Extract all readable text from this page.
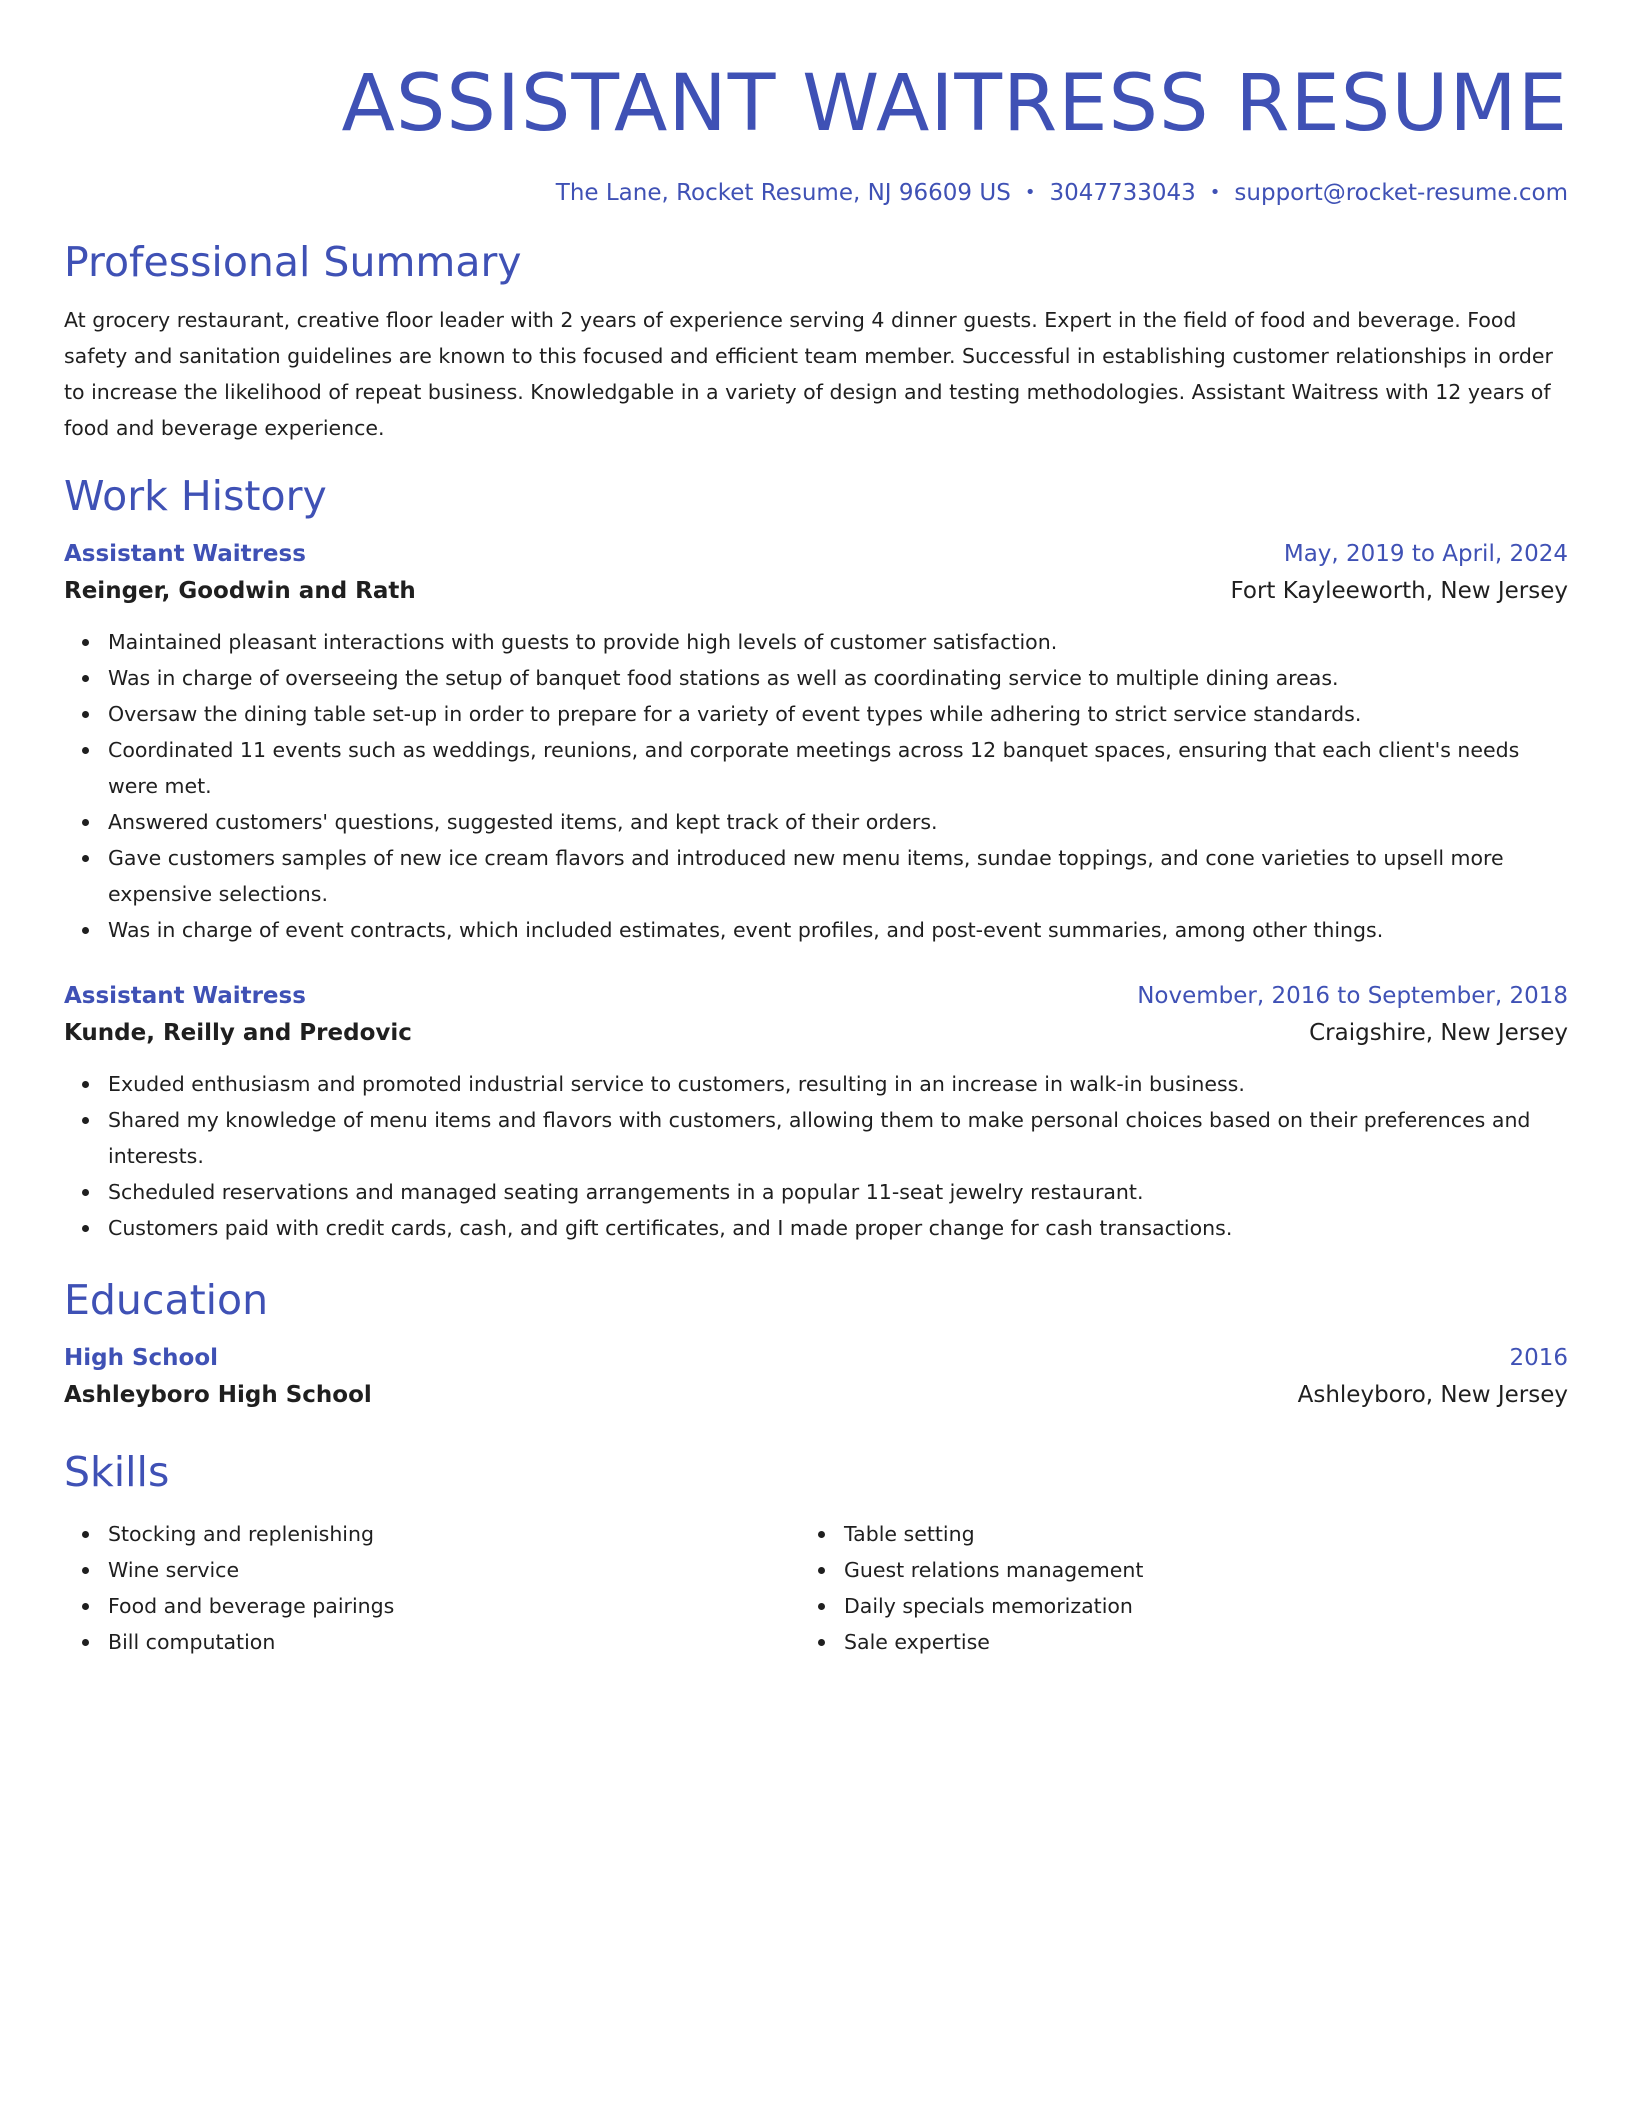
ASSISTANT WAITRESS RESUME
The Lane, Rocket Resume, NJ 96609 US • 3047733043 • support@rocket-resume.com
Professional Summary

At grocery restaurant, creative floor leader with 2 years of experience serving 4 dinner guests. Expert in the field of food and beverage. Food safety and sanitation guidelines are known to this focused and efficient team member. Successful in establishing customer relationships in order to increase the likelihood of repeat business. Knowledgable in a variety of design and testing methodologies. Assistant Waitress with 12 years of food and beverage experience.

Work History
Assistant Waitress	May, 2019 to April, 2024
Reinger, Goodwin and Rath	Fort Kayleeworth, New Jersey
Maintained pleasant interactions with guests to provide high levels of customer satisfaction.
Was in charge of overseeing the setup of banquet food stations as well as coordinating service to multiple dining areas.
Oversaw the dining table set-up in order to prepare for a variety of event types while adhering to strict service standards.
Coordinated 11 events such as weddings, reunions, and corporate meetings across 12 banquet spaces, ensuring that each client's needs were met.
Answered customers' questions, suggested items, and kept track of their orders.
Gave customers samples of new ice cream flavors and introduced new menu items, sundae toppings, and cone varieties to upsell more expensive selections.
Was in charge of event contracts, which included estimates, event profiles, and post-event summaries, among other things.
Assistant Waitress	November, 2016 to September, 2018
Kunde, Reilly and Predovic	Craigshire, New Jersey
Exuded enthusiasm and promoted industrial service to customers, resulting in an increase in walk-in business.
Shared my knowledge of menu items and flavors with customers, allowing them to make personal choices based on their preferences and interests.
Scheduled reservations and managed seating arrangements in a popular 11-seat jewelry restaurant.
Customers paid with credit cards, cash, and gift certificates, and I made proper change for cash transactions.
Education
High School	2016
Ashleyboro High School	Ashleyboro, New Jersey
Skills
Stocking and replenishing
Wine service
Food and beverage pairings
Bill computation
Table setting
Guest relations management
Daily specials memorization
Sale expertise
